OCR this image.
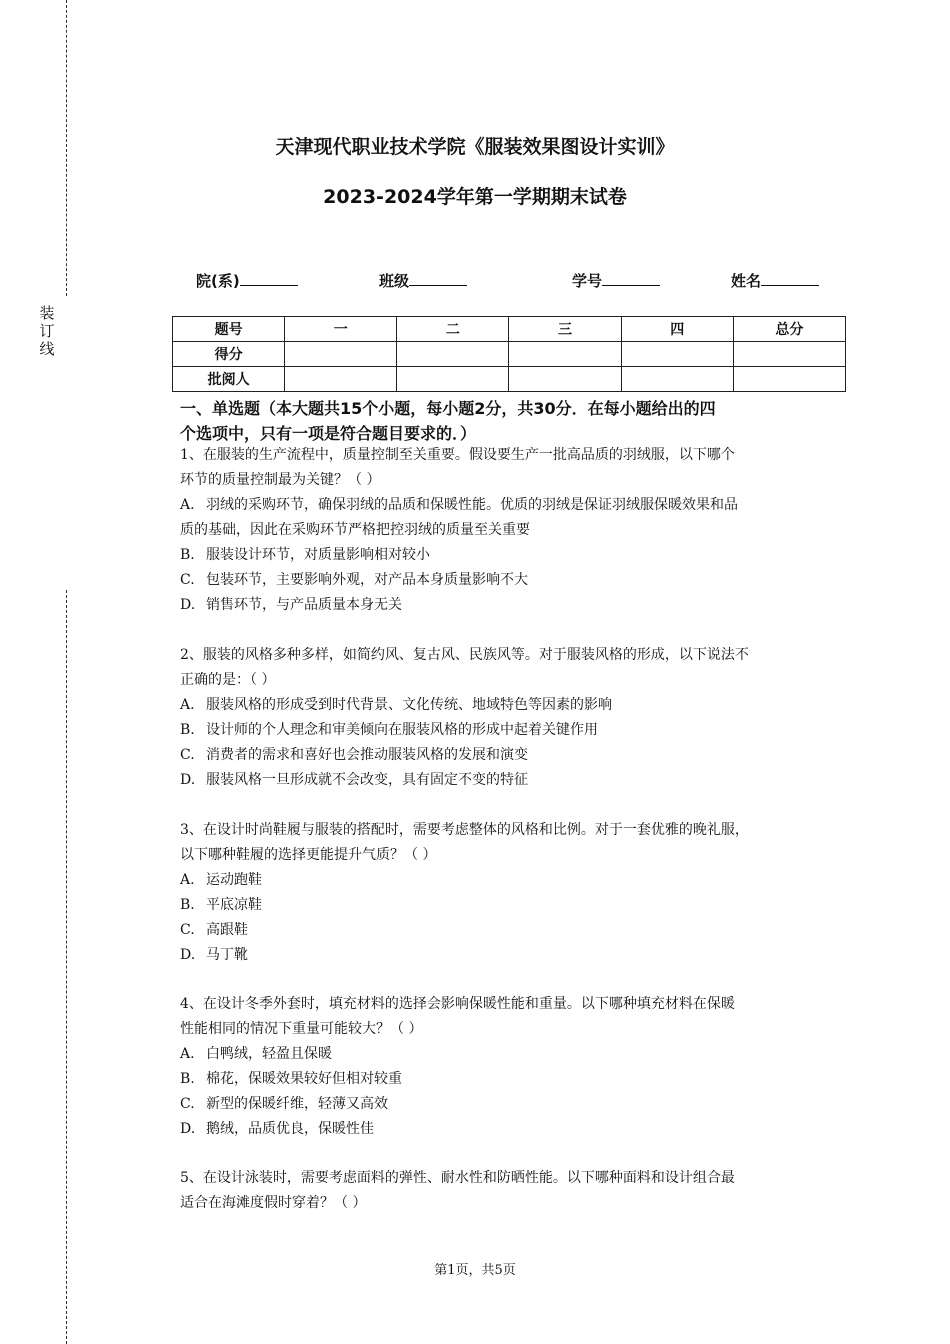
装
订
线
天津现代职业技术学院《服装效果图设计实训》
2023-2024学年第一学期期末试卷
院(系)	班级	学号	姓名
题号	一	二	三	四	总分
得分					
批阅人					
一、单选题（本大题共15个小题，每小题2分，共30分．在每小题给出的四
个选项中，只有一项是符合题目要求的．）
1、在服装的生产流程中，质量控制至关重要。假设要生产一批高品质的羽绒服，以下哪个
环节的质量控制最为关键？（ ）
A. 羽绒的采购环节，确保羽绒的品质和保暖性能。优质的羽绒是保证羽绒服保暖效果和品
质的基础，因此在采购环节严格把控羽绒的质量至关重要
B. 服装设计环节，对质量影响相对较小
C. 包装环节，主要影响外观，对产品本身质量影响不大
D. 销售环节，与产品质量本身无关
2、服装的风格多种多样，如简约风、复古风、民族风等。对于服装风格的形成，以下说法不
正确的是：（ ）
A. 服装风格的形成受到时代背景、文化传统、地域特色等因素的影响
B. 设计师的个人理念和审美倾向在服装风格的形成中起着关键作用
C. 消费者的需求和喜好也会推动服装风格的发展和演变
D. 服装风格一旦形成就不会改变，具有固定不变的特征
3、在设计时尚鞋履与服装的搭配时，需要考虑整体的风格和比例。对于一套优雅的晚礼服，
以下哪种鞋履的选择更能提升气质？（ ）
A. 运动跑鞋
B. 平底凉鞋
C. 高跟鞋
D. 马丁靴
4、在设计冬季外套时，填充材料的选择会影响保暖性能和重量。以下哪种填充材料在保暖
性能相同的情况下重量可能较大？（ ）
A. 白鸭绒，轻盈且保暖
B. 棉花，保暖效果较好但相对较重
C. 新型的保暖纤维，轻薄又高效
D. 鹅绒，品质优良，保暖性佳
5、在设计泳装时，需要考虑面料的弹性、耐水性和防晒性能。以下哪种面料和设计组合最
适合在海滩度假时穿着？（ ）
第1页，共5页
